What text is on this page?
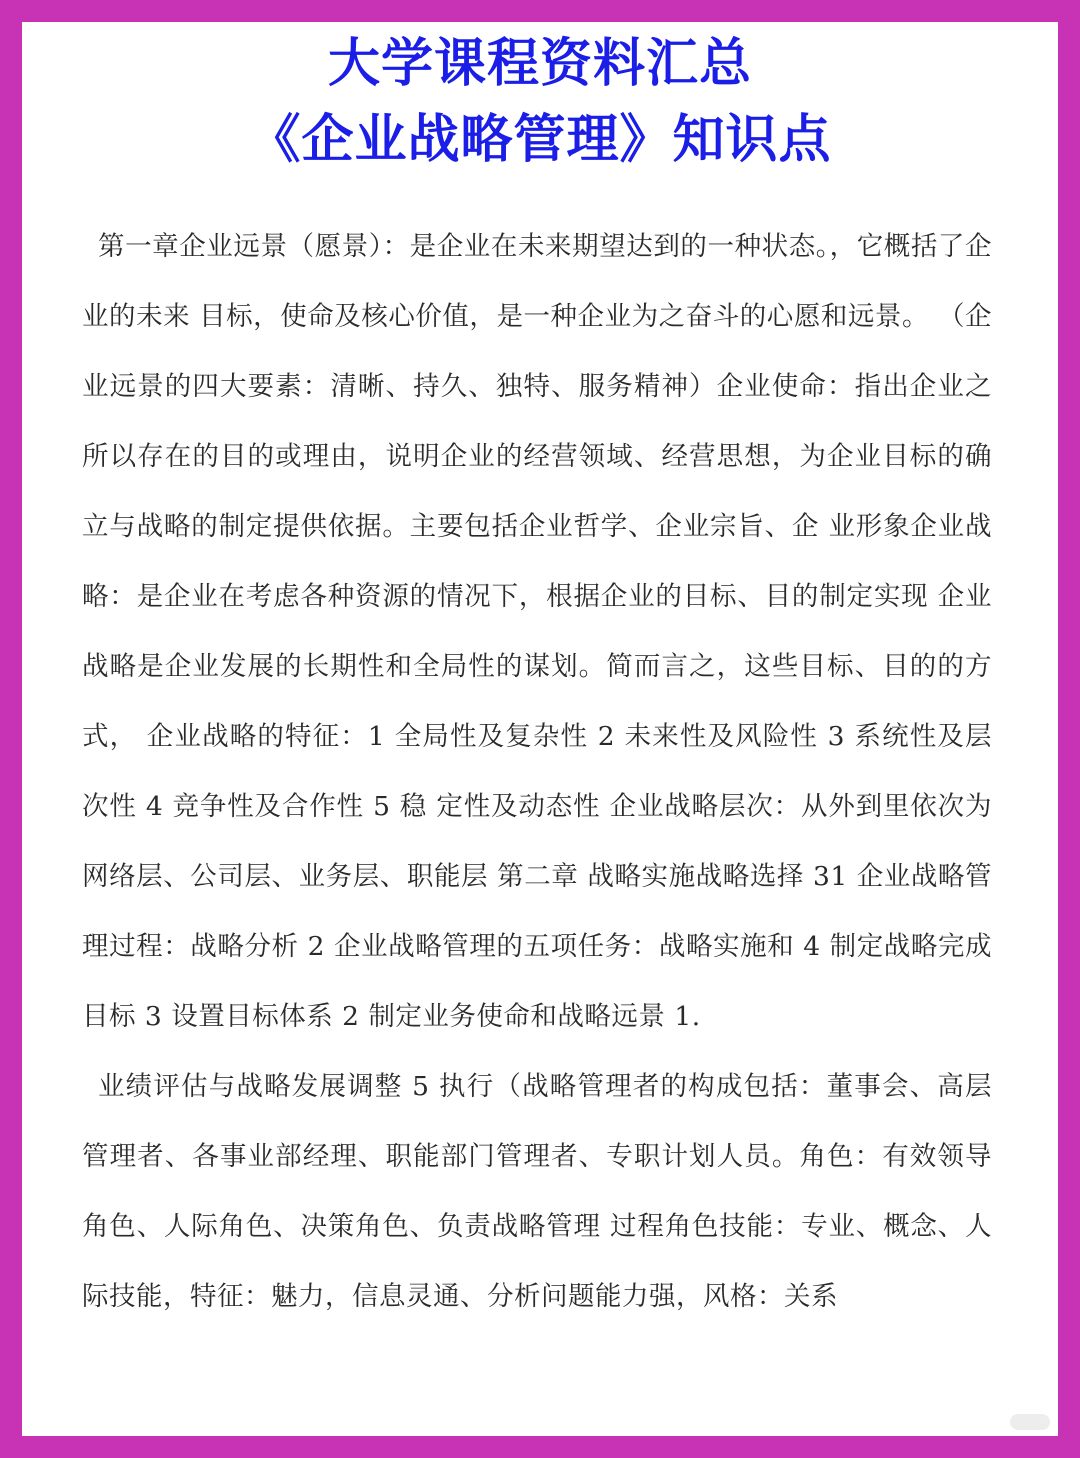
大学课程资料汇总
《企业战略管理》知识点

第一章企业远景（愿景）：是企业在未来期望达到的一种状态。，它概括了企业的未来 目标，使命及核心价值，是一种企业为之奋斗的心愿和远景。 （企业远景的四大要素：清晰、持久、独特、服务精神）企业使命：指出企业之所以存在的目的或理由，说明企业的经营领域、经营思想，为企业目标的确立与战略的制定提供依据。主要包括企业哲学、企业宗旨、企 业形象企业战略：是企业在考虑各种资源的情况下，根据企业的目标、目的制定实现 企业战略是企业发展的长期性和全局性的谋划。简而言之，这些目标、目的的方式， 企业战略的特征：1 全局性及复杂性 2 未来性及风险性 3 系统性及层次性 4 竞争性及合作性 5 稳 定性及动态性 企业战略层次：从外到里依次为网络层、公司层、业务层、职能层 第二章 战略实施战略选择 31 企业战略管理过程：战略分析 2 企业战略管理的五项任务：战略实施和 4 制定战略完成目标 3 设置目标体系 2 制定业务使命和战略远景 1.

业绩评估与战略发展调整 5 执行（战略管理者的构成包括：董事会、高层管理者、各事业部经理、职能部门管理者、专职计划人员。角色：有效领导角色、人际角色、决策角色、负责战略管理 过程角色技能：专业、概念、人际技能，特征：魅力，信息灵通、分析问题能力强，风格：关系
